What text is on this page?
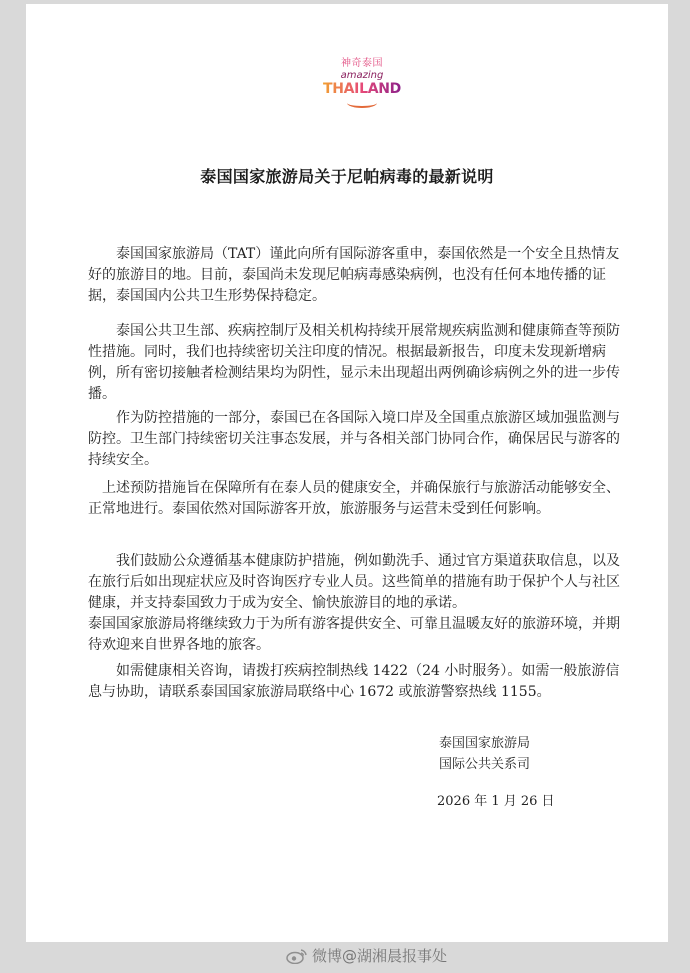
神奇泰国
amazing
THAILAND
泰国国家旅游局关于尼帕病毒的最新说明

泰国国家旅游局（TAT）谨此向所有国际游客重申，泰国依然是一个安全且热情友好的旅游目的地。目前，泰国尚未发现尼帕病毒感染病例，也没有任何本地传播的证据，泰国国内公共卫生形势保持稳定。

泰国公共卫生部、疾病控制厅及相关机构持续开展常规疾病监测和健康筛查等预防性措施。同时，我们也持续密切关注印度的情况。根据最新报告，印度未发现新增病例，所有密切接触者检测结果均为阴性，显示未出现超出两例确诊病例之外的进一步传播。

作为防控措施的一部分，泰国已在各国际入境口岸及全国重点旅游区域加强监测与防控。卫生部门持续密切关注事态发展，并与各相关部门协同合作，确保居民与游客的持续安全。

上述预防措施旨在保障所有在泰人员的健康安全，并确保旅行与旅游活动能够安全、正常地进行。泰国依然对国际游客开放，旅游服务与运营未受到任何影响。

我们鼓励公众遵循基本健康防护措施，例如勤洗手、通过官方渠道获取信息，以及在旅行后如出现症状应及时咨询医疗专业人员。这些简单的措施有助于保护个人与社区健康，并支持泰国致力于成为安全、愉快旅游目的地的承诺。
泰国国家旅游局将继续致力于为所有游客提供安全、可靠且温暖友好的旅游环境，并期待欢迎来自世界各地的旅客。

如需健康相关咨询，请拨打疾病控制热线 1422（24 小时服务）。如需一般旅游信息与协助，请联系泰国国家旅游局联络中心 1672 或旅游警察热线 1155。

泰国国家旅游局
国际公共关系司
2026 年 1 月 26 日
微博@湖湘晨报事处
